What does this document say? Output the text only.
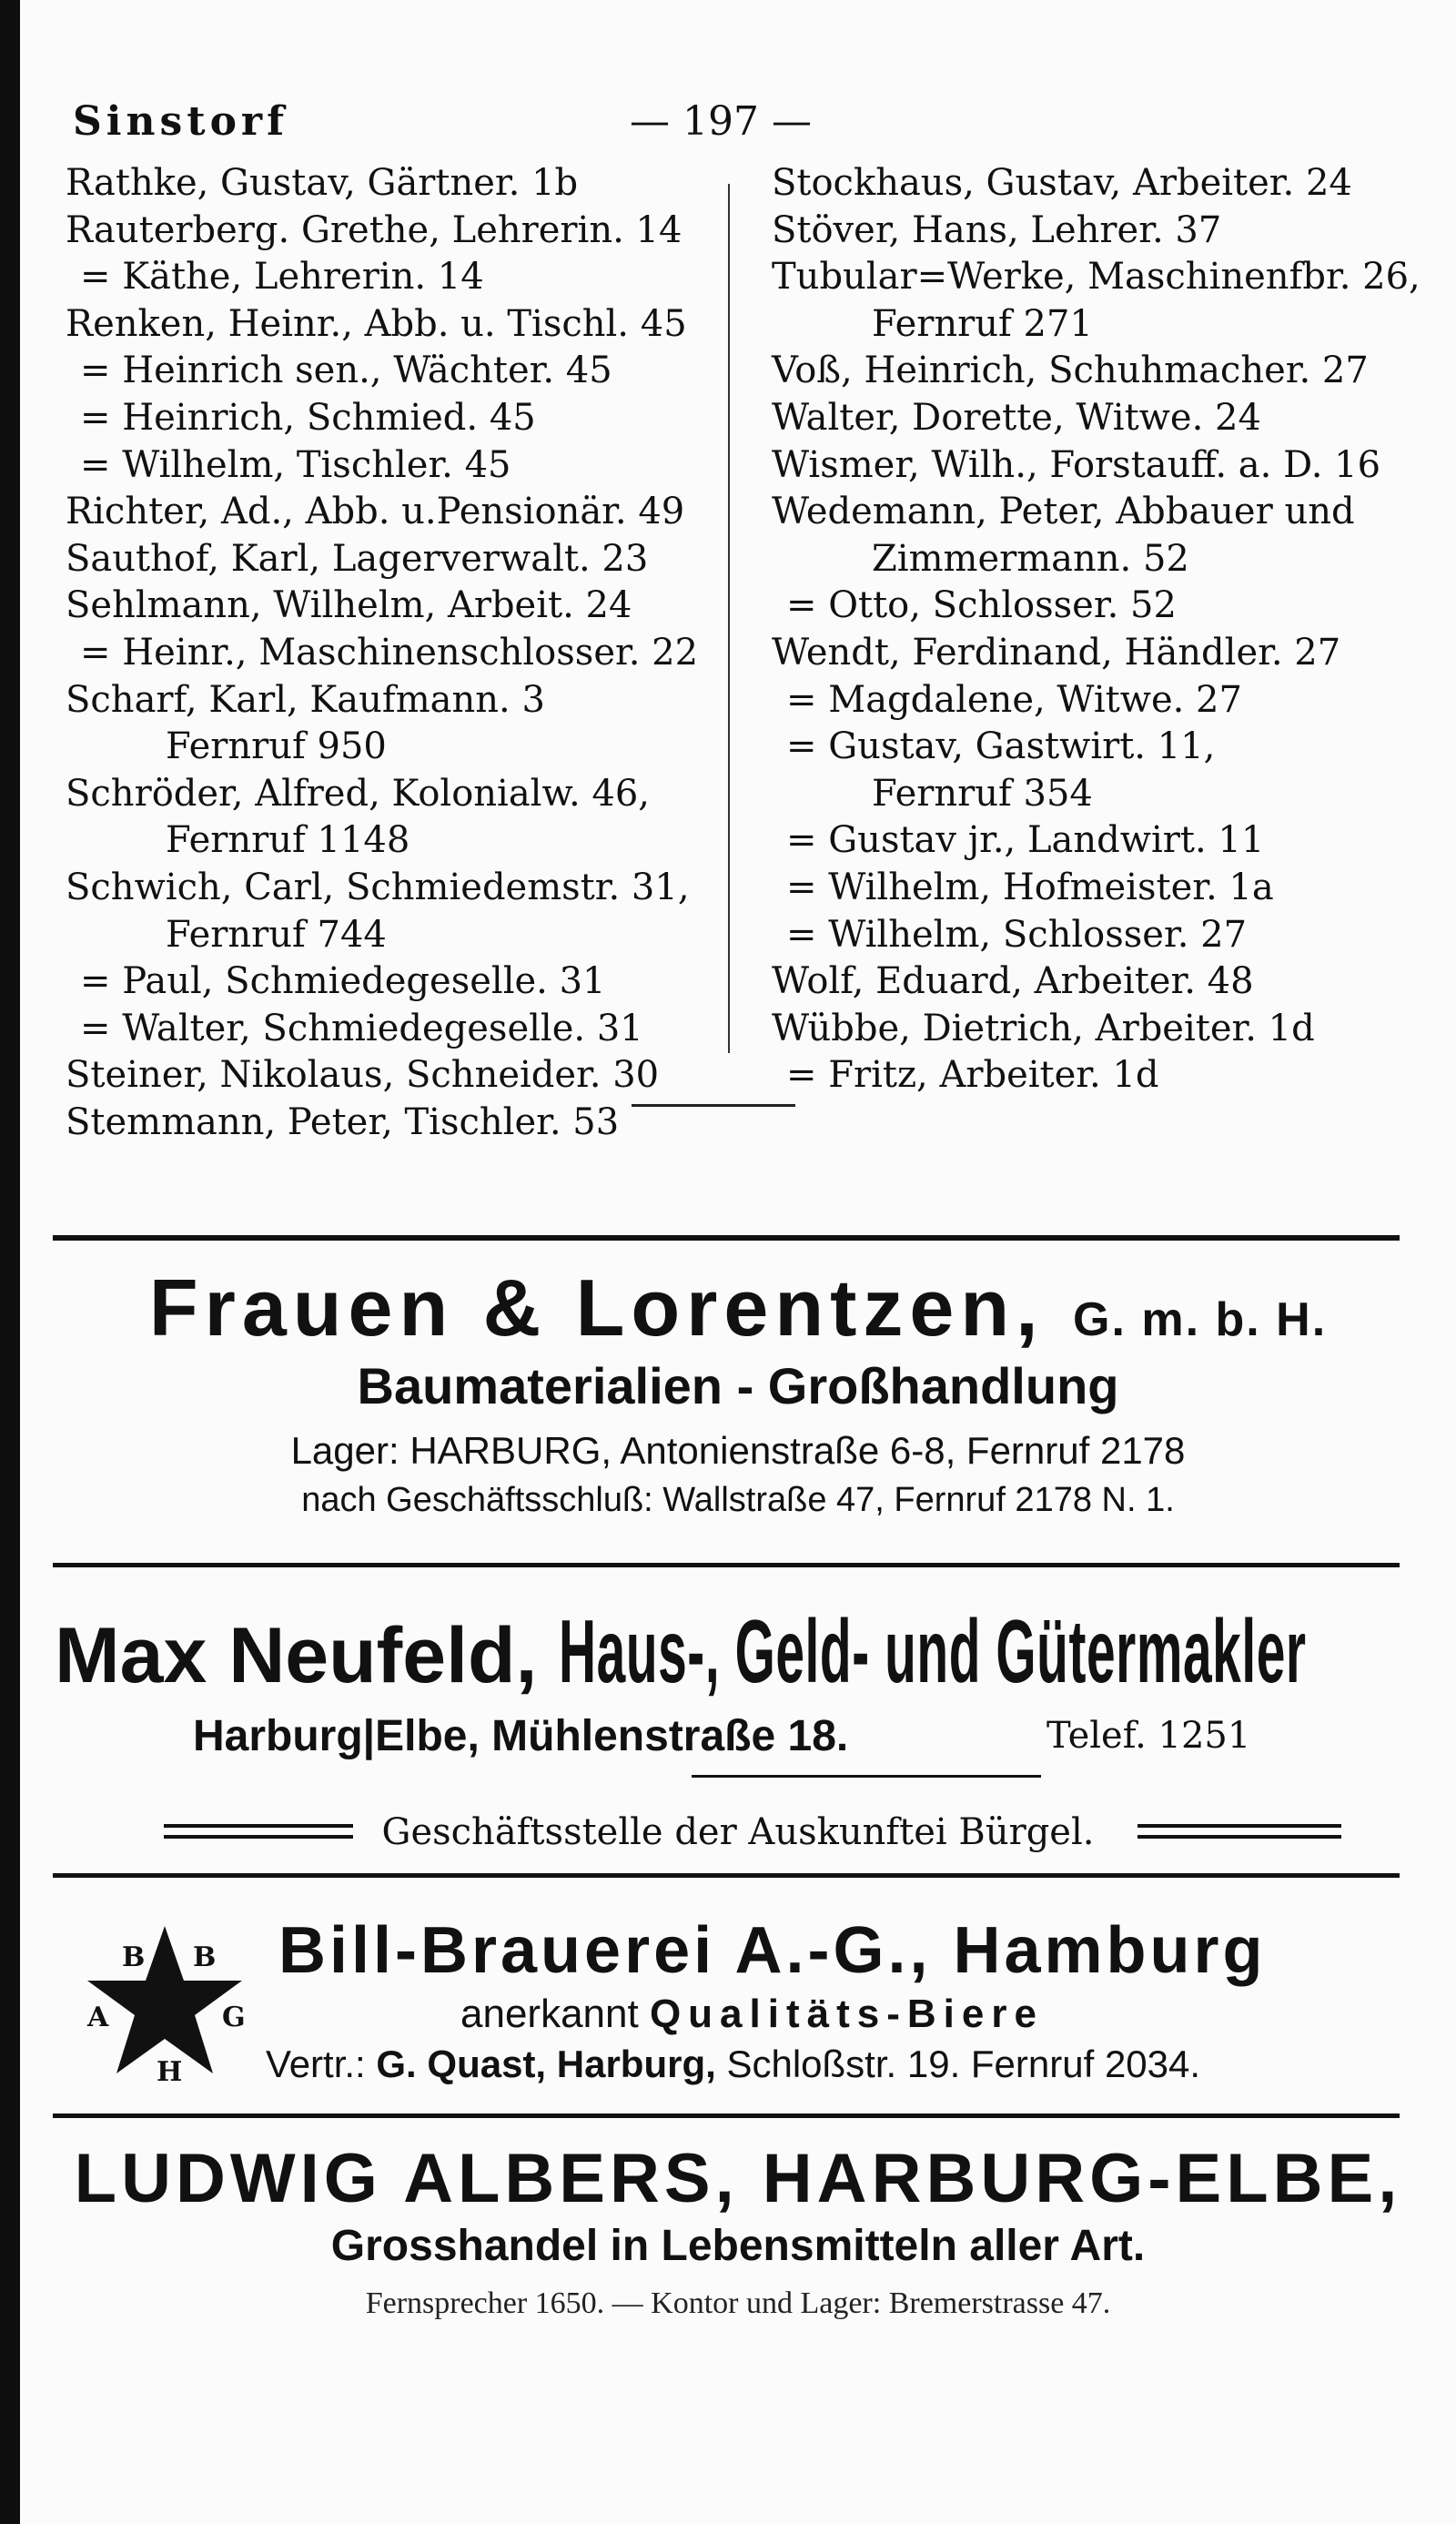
Sinstorf	— 197 —
Rathke, Gustav, Gärtner. 1b
Rauterberg. Grethe, Lehrerin. 14
= Käthe, Lehrerin. 14
Renken, Heinr., Abb. u. Tischl. 45
= Heinrich sen., Wächter. 45
= Heinrich, Schmied. 45
= Wilhelm, Tischler. 45
Richter, Ad., Abb. u.Pensionär. 49
Sauthof, Karl, Lagerverwalt. 23
Sehlmann, Wilhelm, Arbeit. 24
= Heinr., Maschinenschlosser. 22
Scharf, Karl, Kaufmann. 3
Fernruf 950
Schröder, Alfred, Kolonialw. 46,
Fernruf 1148
Schwich, Carl, Schmiedemstr. 31,
Fernruf 744
= Paul, Schmiedegeselle. 31
= Walter, Schmiedegeselle. 31
Steiner, Nikolaus, Schneider. 30
Stemmann, Peter, Tischler. 53
Stockhaus, Gustav, Arbeiter. 24
Stöver, Hans, Lehrer. 37
Tubular=Werke, Maschinenfbr. 26,
Fernruf 271
Voß, Heinrich, Schuhmacher. 27
Walter, Dorette, Witwe. 24
Wismer, Wilh., Forstauff. a. D. 16
Wedemann, Peter, Abbauer und
Zimmermann. 52
= Otto, Schlosser. 52
Wendt, Ferdinand, Händler. 27
= Magdalene, Witwe. 27
= Gustav, Gastwirt. 11,
Fernruf 354
= Gustav jr., Landwirt. 11
= Wilhelm, Hofmeister. 1a
= Wilhelm, Schlosser. 27
Wolf, Eduard, Arbeiter. 48
Wübbe, Dietrich, Arbeiter. 1d
= Fritz, Arbeiter. 1d
Frauen & Lorentzen, G. m. b. H.
Baumaterialien - Großhandlung
Lager: HARBURG, Antonienstraße 6-8, Fernruf 2178
nach Geschäftsschluß: Wallstraße 47, Fernruf 2178 N. 1.
Max Neufeld, Haus-, Geld- und Gütermakler
Harburg|Elbe, Mühlenstraße 18.	Telef. 1251
Geschäftsstelle der Auskunftei Bürgel.
B B
A	G
H
Bill-Brauerei A.-G., Hamburg
anerkannt Qualitäts-Biere
Vertr.: G. Quast, Harburg, Schloßstr. 19. Fernruf 2034.
LUDWIG ALBERS, HARBURG-ELBE,
Grosshandel in Lebensmitteln aller Art.
Fernsprecher 1650. — Kontor und Lager: Bremerstrasse 47.
